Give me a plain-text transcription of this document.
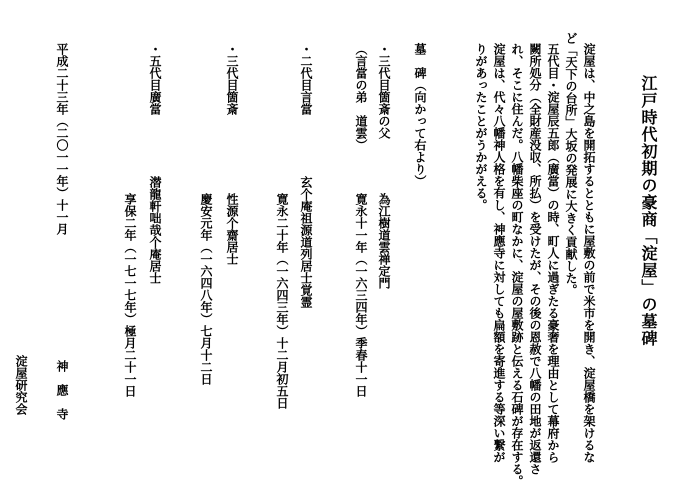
江戸時代初期の豪商「淀屋」の墓碑
淀屋は、中之島を開拓するとともに屋敷の前で米市を開き、淀屋橋を架けるな
ど「天下の台所」大坂の発展に大きく貢献した。
五代目・淀屋辰五郎（廣當）の時、町人に過ぎたる豪奢を理由として幕府から
闕所処分（全財産没収、所払）を受けたが、その後の恩赦で八幡の田地が返還さ
れ、そこに住んだ。八幡柴座の町なかに、淀屋の屋敷跡と伝える石碑が存在する。
淀屋は、代々八幡神人格を有し、神應寺に対しても扁額を寄進する等深い繋が
りがあったことがうかがえる。
墓　碑（向かって右より）
・三代目箇斎の父
（言當の弟　道雲）
為江樹道雲禅定門
寛永十一年（一六三四年）季春十一日
・二代目言當
玄个庵祖源道列居士覚霊
寛永二十年（一六四三年）十二月初五日
・三代目箇斎
性源个齋居士
慶安元年（一六四八年）七月十二日
・五代目廣當
潜龍軒咄哉个庵居士
享保二年（一七一七年）極月二十一日
平成二十三年（二〇一一年）十一月
神　應　寺
淀屋研究会
